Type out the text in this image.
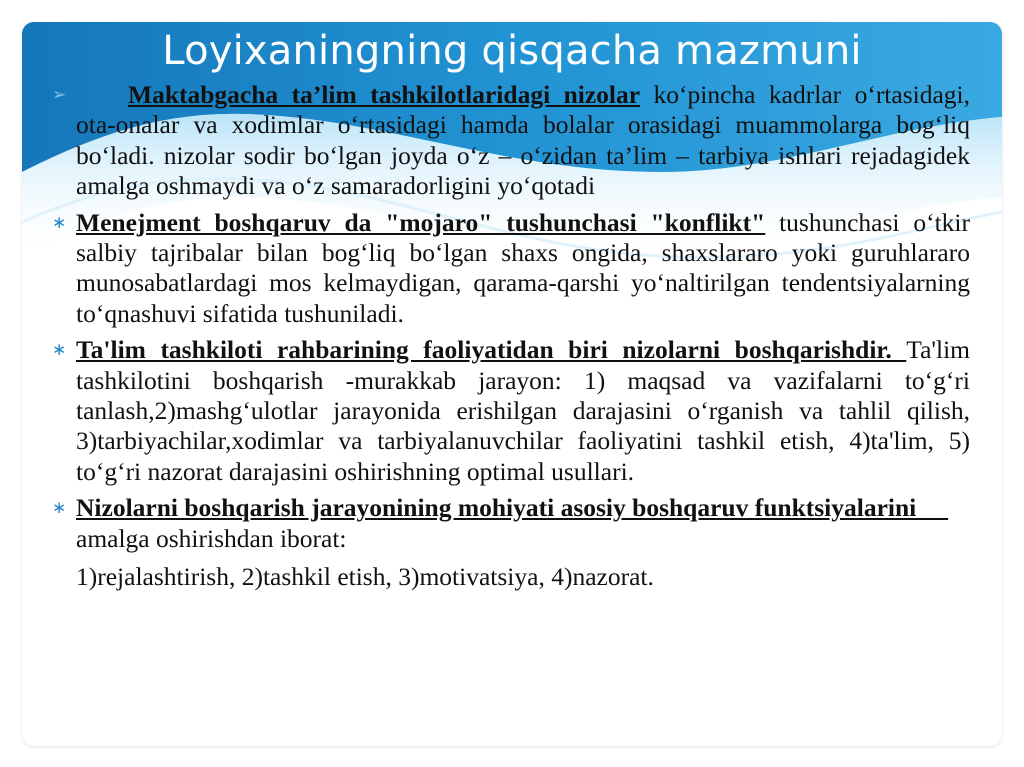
Loyixaningning qisqacha mazmuni
➢ Maktabgacha ta’lim tashkilotlaridagi nizolar ko‘pincha kadrlar o‘rtasidagi, ota-onalar va xodimlar o‘rtasidagi hamda bolalar orasidagi muammolarga bog‘liq bo‘ladi. nizolar sodir bo‘lgan joyda o‘z – o‘zidan ta’lim – tarbiya ishlari rejadagidek amalga oshmaydi va o‘z samaradorligini yo‘qotadi
∗ Menejment boshqaruv da "mojaro" tushunchasi "konflikt" tushunchasi o‘tkir salbiy tajribalar bilan bog‘liq bo‘lgan shaxs ongida, shaxslararo yoki guruhlararo munosabatlardagi mos kelmaydigan, qarama-qarshi yo‘naltirilgan tendentsiyalarning to‘qnashuvi sifatida tushuniladi.
∗ Ta'lim tashkiloti rahbarining faoliyatidan biri nizolarni boshqarishdir. Ta'lim tashkilotini boshqarish -murakkab jarayon: 1) maqsad va vazifalarni to‘g‘ri tanlash,2)mashg‘ulotlar jarayonida erishilgan darajasini o‘rganish va tahlil qilish, 3)tarbiyachilar,xodimlar va tarbiyalanuvchilar faoliyatini tashkil etish, 4)ta'lim, 5) to‘g‘ri nazorat darajasini oshirishning optimal usullari.
∗ Nizolarni boshqarish jarayonining mohiyati asosiy boshqaruv funktsiyalarini     amalga oshirishdan iborat:
1)rejalashtirish, 2)tashkil etish, 3)motivatsiya, 4)nazorat.
